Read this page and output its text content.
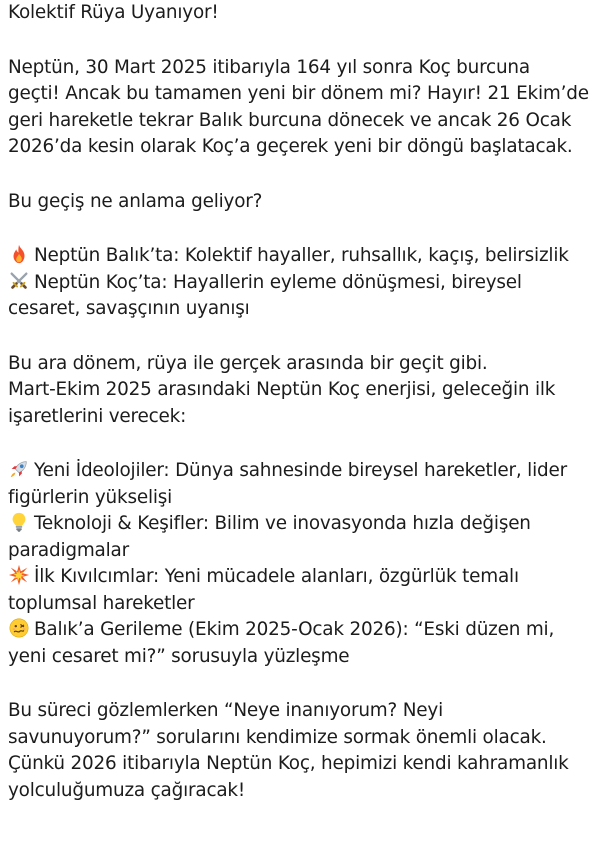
Kolektif Rüya Uyanıyor!
Neptün, 30 Mart 2025 itibarıyla 164 yıl sonra Koç burcuna
geçti! Ancak bu tamamen yeni bir dönem mi? Hayır! 21 Ekim’de
geri hareketle tekrar Balık burcuna dönecek ve ancak 26 Ocak
2026’da kesin olarak Koç’a geçerek yeni bir döngü başlatacak.
Bu geçiş ne anlama geliyor?
Neptün Balık’ta: Kolektif hayaller, ruhsallık, kaçış, belirsizlik
Neptün Koç’ta: Hayallerin eyleme dönüşmesi, bireysel
cesaret, savaşçının uyanışı
Bu ara dönem, rüya ile gerçek arasında bir geçit gibi.
Mart-Ekim 2025 arasındaki Neptün Koç enerjisi, geleceğin ilk
işaretlerini verecek:
Yeni İdeolojiler: Dünya sahnesinde bireysel hareketler, lider
figürlerin yükselişi
Teknoloji & Keşifler: Bilim ve inovasyonda hızla değişen
paradigmalar
İlk Kıvılcımlar: Yeni mücadele alanları, özgürlük temalı
toplumsal hareketler
Balık’a Gerileme (Ekim 2025-Ocak 2026): “Eski düzen mi,
yeni cesaret mi?” sorusuyla yüzleşme
Bu süreci gözlemlerken “Neye inanıyorum? Neyi
savunuyorum?” sorularını kendimize sormak önemli olacak.
Çünkü 2026 itibarıyla Neptün Koç, hepimizi kendi kahramanlık
yolculuğumuza çağıracak!
